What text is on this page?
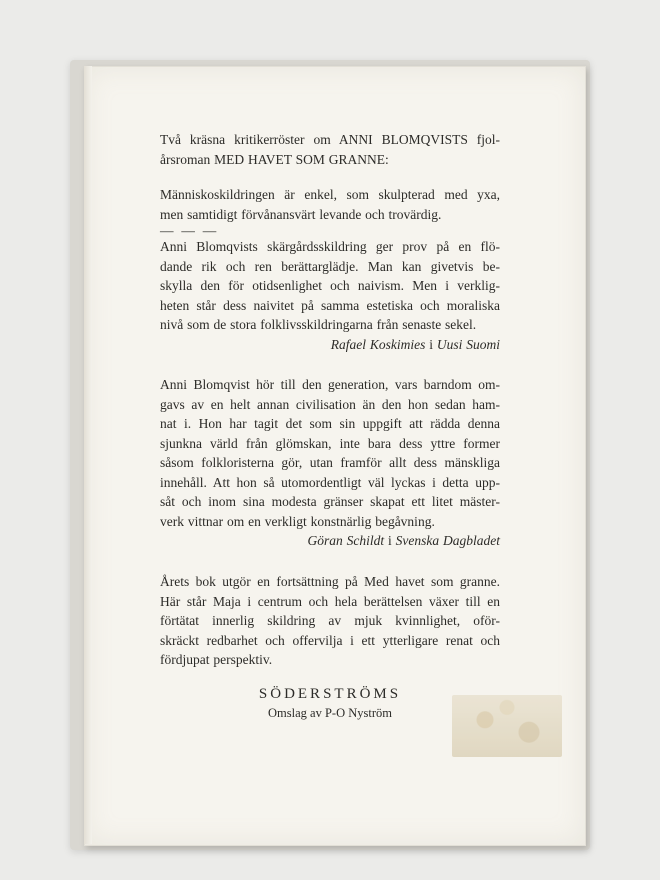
Två kräsna kritikerröster om ANNI BLOMQVISTS fjol-
årsroman MED HAVET SOM GRANNE:
Människoskildringen är enkel, som skulpterad med yxa,
men samtidigt förvånansvärt levande och trovärdig.
— — —
Anni Blomqvists skärgårdsskildring ger prov på en flö-
dande rik och ren berättarglädje. Man kan givetvis be-
skylla den för otidsenlighet och naivism. Men i verklig-
heten står dess naivitet på samma estetiska och moraliska
nivå som de stora folklivsskildringarna från senaste sekel.
Rafael Koskimies i Uusi Suomi
Anni Blomqvist hör till den generation, vars barndom om-
gavs av en helt annan civilisation än den hon sedan ham-
nat i. Hon har tagit det som sin uppgift att rädda denna
sjunkna värld från glömskan, inte bara dess yttre former
såsom folkloristerna gör, utan framför allt dess mänskliga
innehåll. Att hon så utomordentligt väl lyckas i detta upp-
såt och inom sina modesta gränser skapat ett litet mäster-
verk vittnar om en verkligt konstnärlig begåvning.
Göran Schildt i Svenska Dagbladet
Årets bok utgör en fortsättning på Med havet som granne.
Här står Maja i centrum och hela berättelsen växer till en
förtätat innerlig skildring av mjuk kvinnlighet, oför-
skräckt redbarhet och offervilja i ett ytterligare renat och
fördjupat perspektiv.
SÖDERSTRÖMS
Omslag av P-O Nyström
